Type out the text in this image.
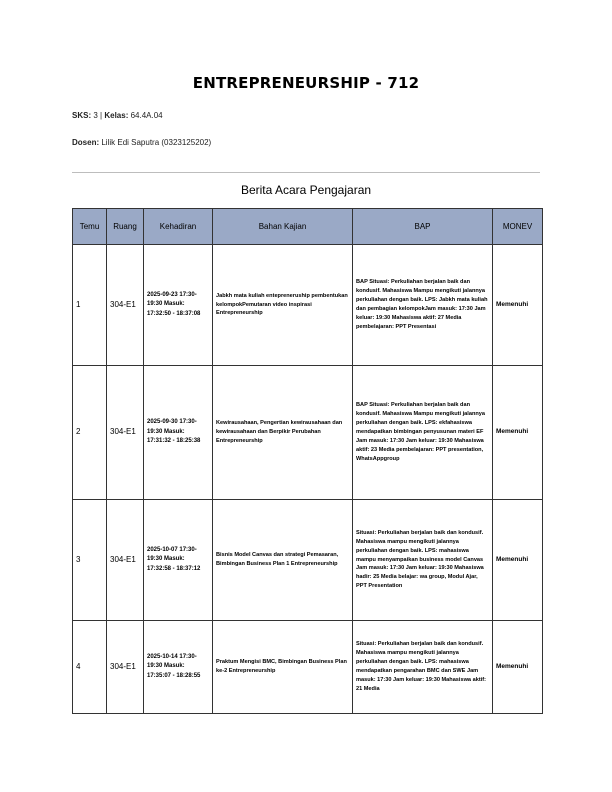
ENTREPRENEURSHIP - 712
SKS: 3 | Kelas: 64.4A.04
Dosen: Lilik Edi Saputra (0323125202)
Berita Acara Pengajaran
Temu	Ruang	Kehadiran	Bahan Kajian	BAP	MONEV
1	304-E1	2025-09-23 17:30-19:30 Masuk: 17:32:50 - 18:37:08	Jabkh mata kuliah entepreneruship pembentukan kelompokPemutaran video inspirasi Entrepreneurship	BAP Situasi: Perkuliahan berjalan baik dan kondusif. Mahasiswa Mampu mengikuti jalannya perkuliahan dengan baik. LPS: Jabkh mata kuliah dan pembagian kelompokJam masuk: 17:30 Jam keluar: 19:30 Mahasiswa aktif: 27 Media pembelajaran: PPT Presentasi	Memenuhi
2	304-E1	2025-09-30 17:30-19:30 Masuk: 17:31:32 - 18:25:38	Kewirausahaan, Pengertian kewirausahaan dan kewirausahaan dan Berpikir Perubahan Entrepreneurship	BAP Situasi: Perkuliahan berjalan baik dan kondusif. Mahasiswa Mampu mengikuti jalannya perkuliahan dengan baik. LPS: ekfahasiswa mendapatkan bimbingan penyusunan materi EF Jam masuk: 17:30 Jam keluar: 19:30 Mahasiswa aktif: 23 Media pembelajaran: PPT presentation, WhatsAppgroup	Memenuhi
3	304-E1	2025-10-07 17:30-19:30 Masuk: 17:32:58 - 18:37:12	Bisnis Model Canvas dan strategi Pemasaran, Bimbingan Business Plan 1 Entrepreneurship	Situasi: Perkuliahan berjalan baik dan kondusif. Mahasiswa mampu mengikuti jalannya perkuliahan dengan baik. LPS: mahasiswa mampu menyampaikan business model Canvas Jam masuk: 17:30 Jam keluar: 19:30 Mahasiswa hadir: 25 Media belajar: wa group, Modul Ajar, PPT Presentation	Memenuhi
4	304-E1	2025-10-14 17:30-19:30 Masuk: 17:35:07 - 18:28:55	Praktum Mengisi BMC, Bimbingan Business Plan ke-2 Entrepreneurship	Situasi: Perkuliahan berjalan baik dan kondusif. Mahasiswa mampu mengikuti jalannya perkuliahan dengan baik. LPS: mahasiswa mendapatkan pengarahan BMC dan SWE Jam masuk: 17:30 Jam keluar: 19:30 Mahasiswa aktif: 21 Media	Memenuhi
